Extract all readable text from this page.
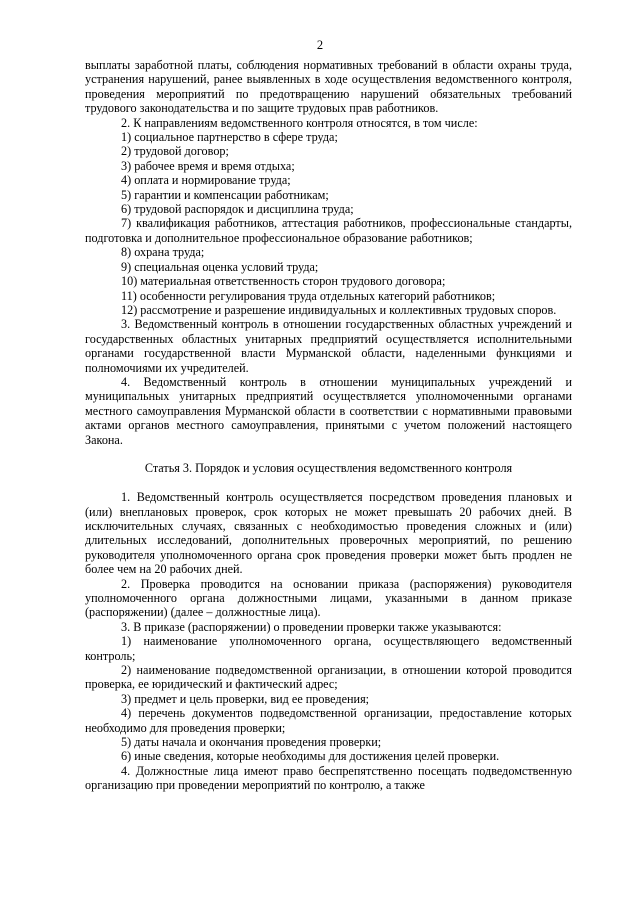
2

выплаты заработной платы, соблюдения нормативных требований в области охраны труда, устранения нарушений, ранее выявленных в ходе осуществления ведомственного контроля, проведения мероприятий по предотвращению нарушений обязательных требований трудового законодательства и по защите трудовых прав работников.

2. К направлениям ведомственного контроля относятся, в том числе:

1) социальное партнерство в сфере труда;

2) трудовой договор;

3) рабочее время и время отдыха;

4) оплата и нормирование труда;

5) гарантии и компенсации работникам;

6) трудовой распорядок и дисциплина труда;

7) квалификация работников, аттестация работников, профессиональные стандарты, подготовка и дополнительное профессиональное образование работников;

8) охрана труда;

9) специальная оценка условий труда;

10) материальная ответственность сторон трудового договора;

11) особенности регулирования труда отдельных категорий работников;

12) рассмотрение и разрешение индивидуальных и коллективных трудовых споров.

3. Ведомственный контроль в отношении государственных областных учреждений и государственных областных унитарных предприятий осуществляется исполнительными органами государственной власти Мурманской области, наделенными функциями и полномочиями их учредителей.

4. Ведомственный контроль в отношении муниципальных учреждений и муниципальных унитарных предприятий осуществляется уполномоченными органами местного самоуправления Мурманской области в соответствии с нормативными правовыми актами органов местного самоуправления, принятыми с учетом положений настоящего Закона.

Статья 3. Порядок и условия осуществления ведомственного контроля

1. Ведомственный контроль осуществляется посредством проведения плановых и (или) внеплановых проверок, срок которых не может превышать 20 рабочих дней. В исключительных случаях, связанных с необходимостью проведения сложных и (или) длительных исследований, дополнительных проверочных мероприятий, по решению руководителя уполномоченного органа срок проведения проверки может быть продлен не более чем на 20 рабочих дней.

2. Проверка проводится на основании приказа (распоряжения) руководителя уполномоченного органа должностными лицами, указанными в данном приказе (распоряжении) (далее – должностные лица).

3. В приказе (распоряжении) о проведении проверки также указываются:

1) наименование уполномоченного органа, осуществляющего ведомственный контроль;

2) наименование подведомственной организации, в отношении которой проводится проверка, ее юридический и фактический адрес;

3) предмет и цель проверки, вид ее проведения;

4) перечень документов подведомственной организации, предоставление которых необходимо для проведения проверки;

5) даты начала и окончания проведения проверки;

6) иные сведения, которые необходимы для достижения целей проверки.

4. Должностные лица имеют право беспрепятственно посещать подведомственную организацию при проведении мероприятий по контролю, а также
